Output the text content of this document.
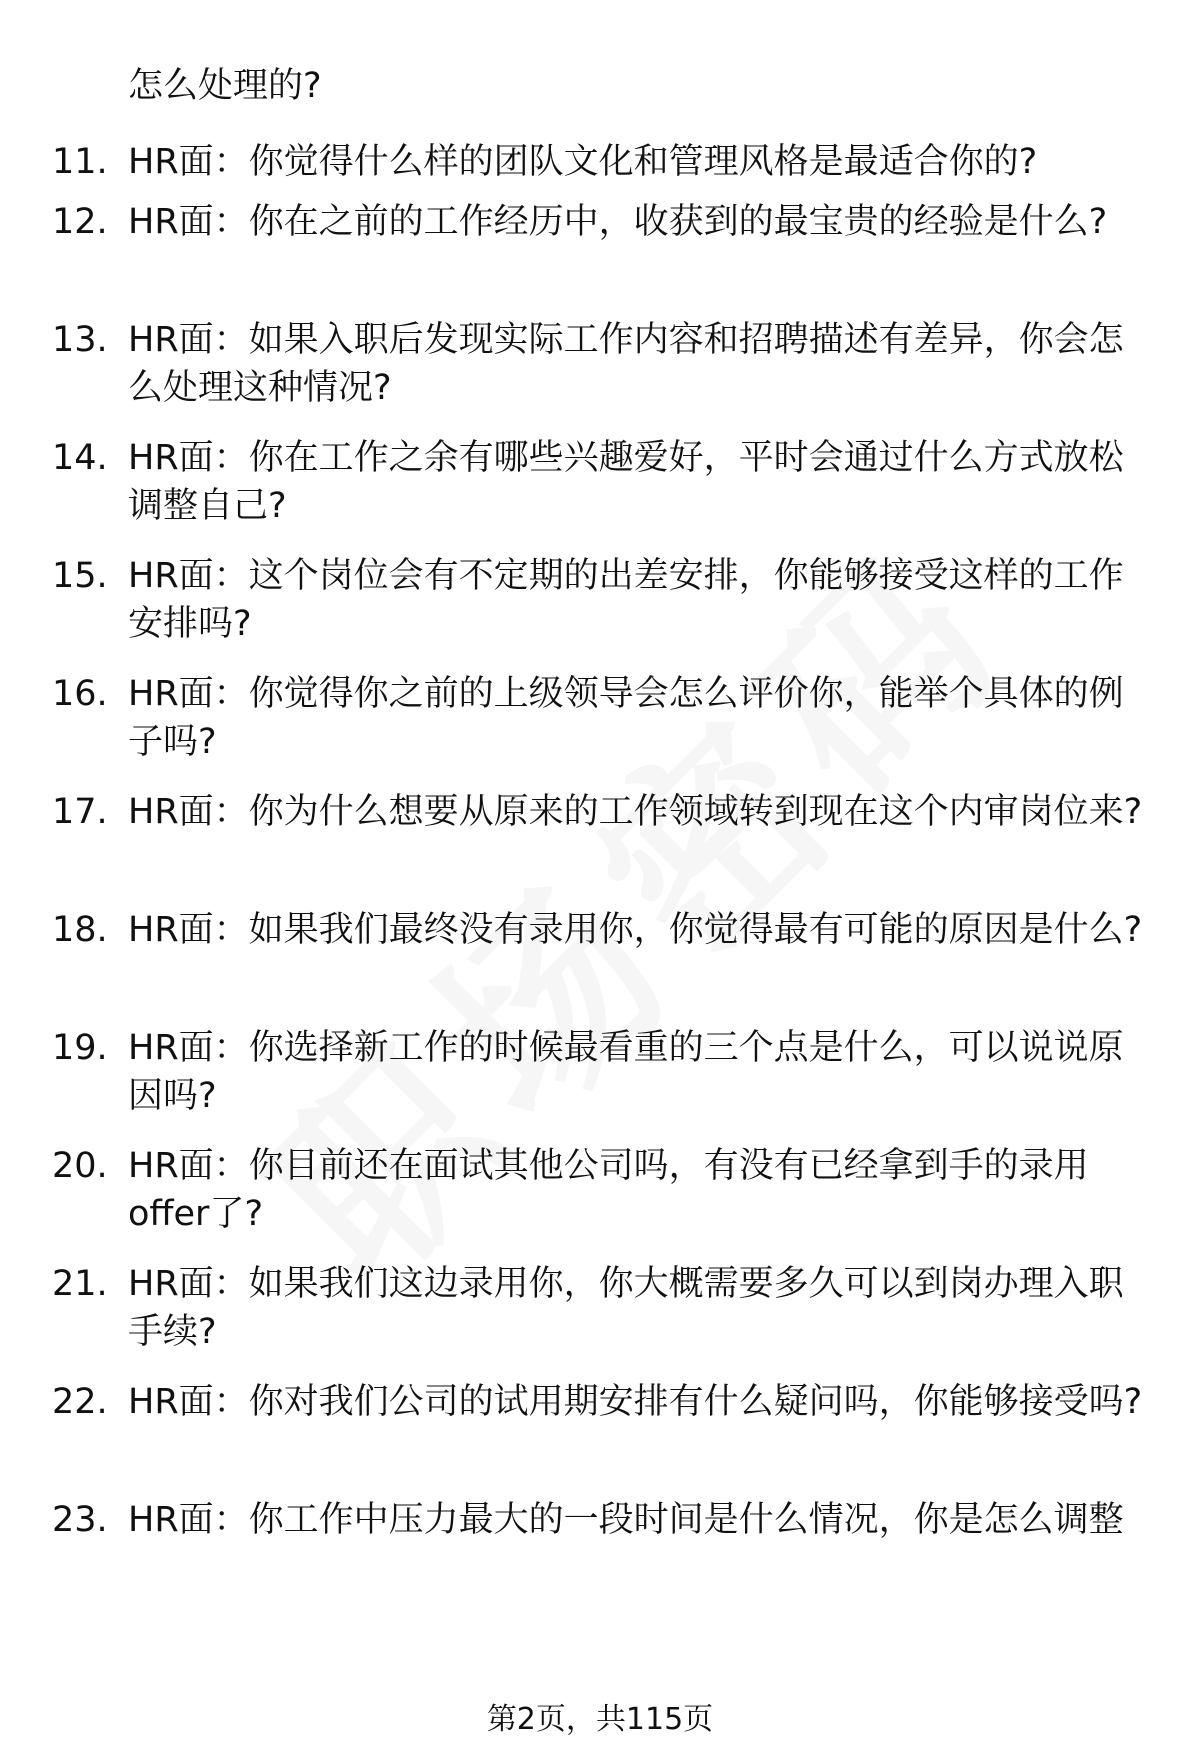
怎么处理的?
11. HR面：你觉得什么样的团队文化和管理风格是最适合你的?
12. HR面：你在之前的工作经历中，收获到的最宝贵的经验是什么?
13. HR面：如果入职后发现实际工作内容和招聘描述有差异，你会怎么处理这种情况?
14. HR面：你在工作之余有哪些兴趣爱好，平时会通过什么方式放松调整自己?
15. HR面：这个岗位会有不定期的出差安排，你能够接受这样的工作安排吗?
16. HR面：你觉得你之前的上级领导会怎么评价你，能举个具体的例子吗?
17. HR面：你为什么想要从原来的工作领域转到现在这个内审岗位来?
18. HR面：如果我们最终没有录用你，你觉得最有可能的原因是什么?
19. HR面：你选择新工作的时候最看重的三个点是什么，可以说说原因吗?
20. HR面：你目前还在面试其他公司吗，有没有已经拿到手的录用offer了?
21. HR面：如果我们这边录用你，你大概需要多久可以到岗办理入职手续?
22. HR面：你对我们公司的试用期安排有什么疑问吗，你能够接受吗?
23. HR面：你工作中压力最大的一段时间是什么情况，你是怎么调整
第2页，共115页
